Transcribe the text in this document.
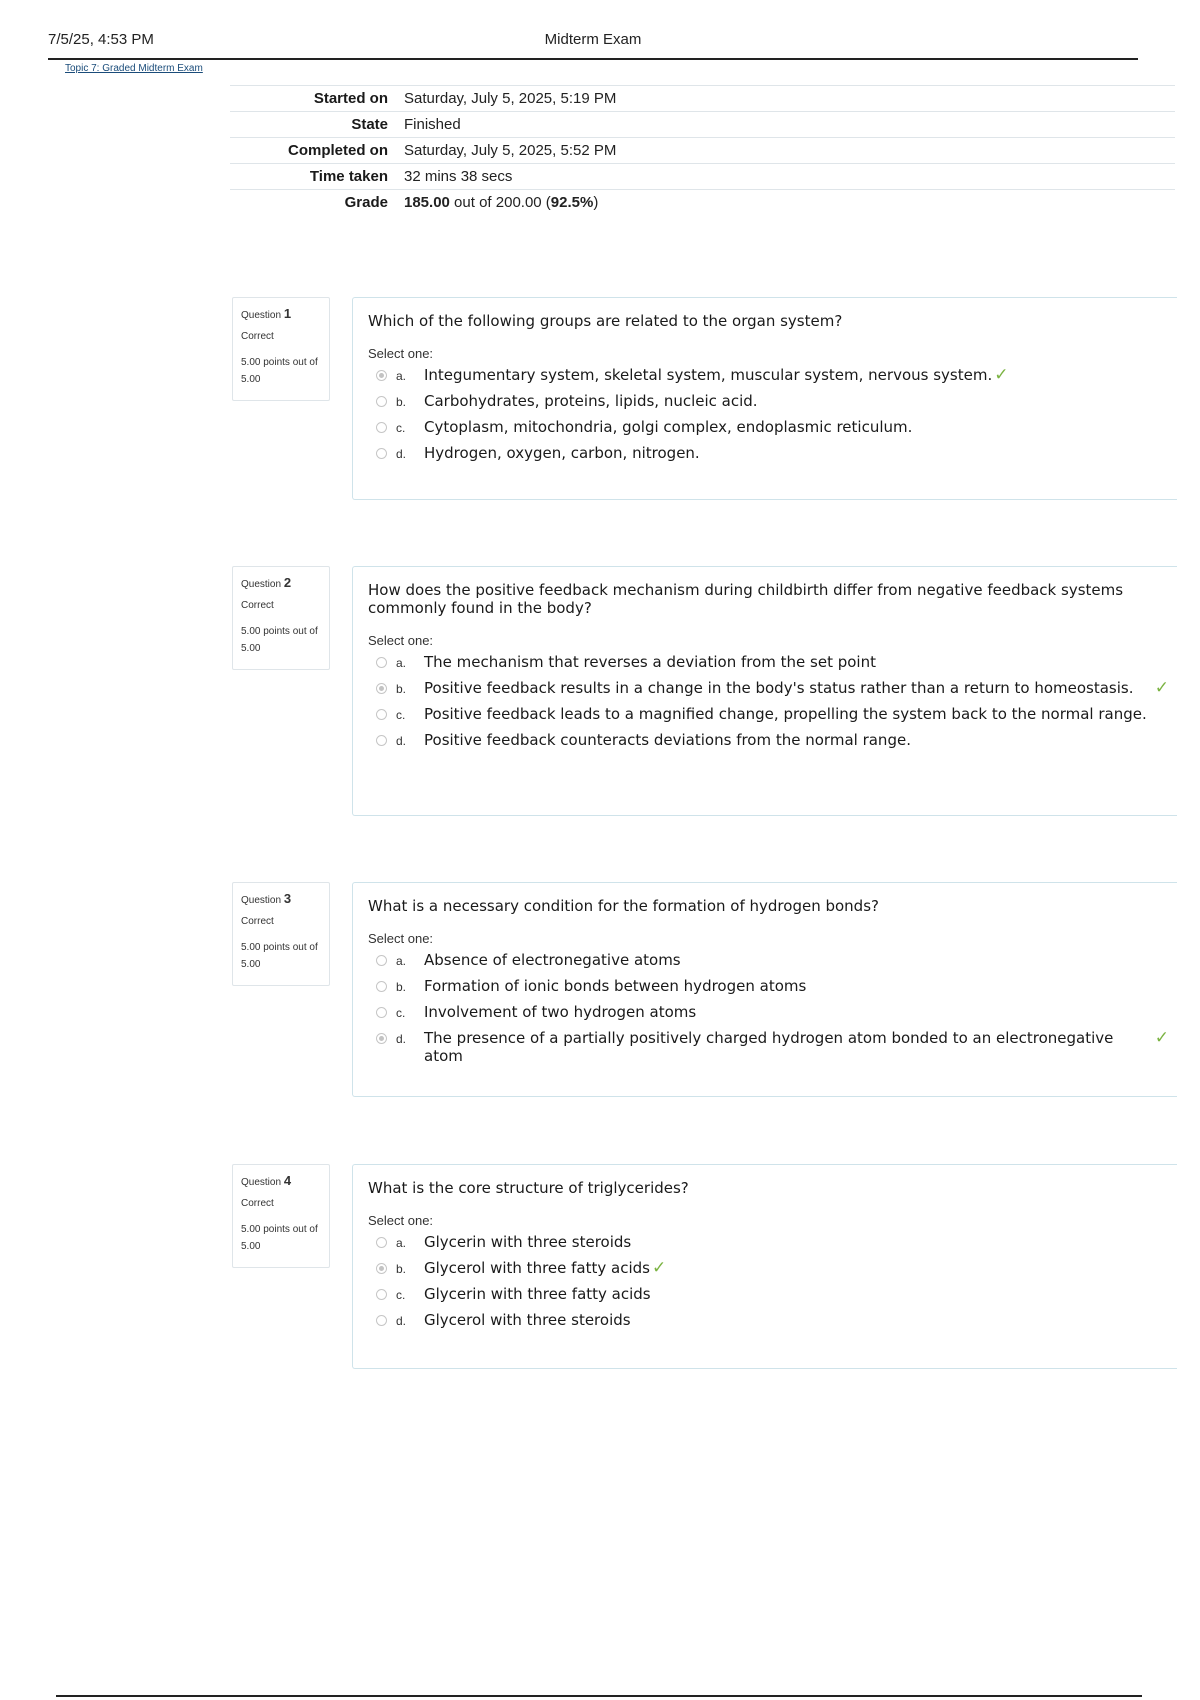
7/5/25, 4:53 PM	Midterm Exam
Topic 7: Graded Midterm Exam
Started on	Saturday, July 5, 2025, 5:19 PM
State	Finished
Completed on	Saturday, July 5, 2025, 5:52 PM
Time taken	32 mins 38 secs
Grade	185.00 out of 200.00 (92.5%)
Question 1
Correct
5.00 points out of 5.00
Which of the following groups are related to the organ system?
Select one:
a. Integumentary system, skeletal system, muscular system, nervous system. ✓
b. Carbohydrates, proteins, lipids, nucleic acid.
c. Cytoplasm, mitochondria, golgi complex, endoplasmic reticulum.
d. Hydrogen, oxygen, carbon, nitrogen.
Question 2
Correct
5.00 points out of 5.00
How does the positive feedback mechanism during childbirth differ from negative feedback systems commonly found in the body?
Select one:
a. The mechanism that reverses a deviation from the set point
b. Positive feedback results in a change in the body's status rather than a return to homeostasis. ✓
c. Positive feedback leads to a magnified change, propelling the system back to the normal range.
d. Positive feedback counteracts deviations from the normal range.
Question 3
Correct
5.00 points out of 5.00
What is a necessary condition for the formation of hydrogen bonds?
Select one:
a. Absence of electronegative atoms
b. Formation of ionic bonds between hydrogen atoms
c. Involvement of two hydrogen atoms
d. The presence of a partially positively charged hydrogen atom bonded to an electronegative atom
✓
Question 4
Correct
5.00 points out of 5.00
What is the core structure of triglycerides?
Select one:
a. Glycerin with three steroids
b. Glycerol with three fatty acids ✓
c. Glycerin with three fatty acids
d. Glycerol with three steroids
